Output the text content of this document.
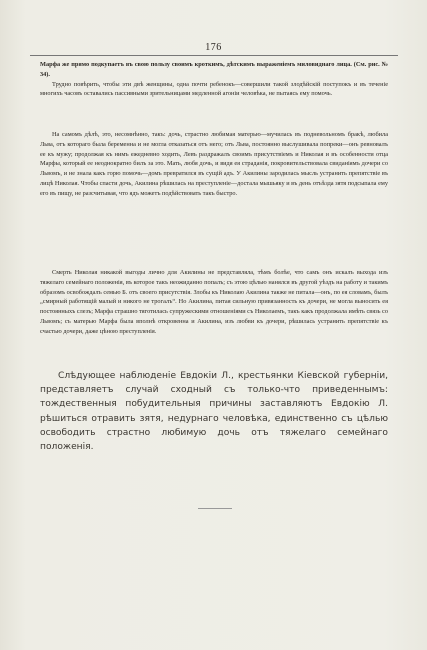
176

Марфа же прямо подкупаетъ въ свою пользу своимъ кроткимъ, дѣтскимъ выраженіемъ миловиднаго лица. (См. рис. № 34).

Трудно повѣрить, чтобы эти двѣ женщины, одна почти ребенокъ—совершили такой злодѣйскій поступокъ и въ теченіе многихъ часовъ оставались пассивными зрительницами медленной агоніи человѣка, не пытаясь ему помочь.

На самомъ дѣлѣ, это, несомнѣнно, такъ: дочь, страстно любимая матерью—мучилась въ подневольномъ бракѣ, любила Льва, отъ котораго была беременна и не могла отказаться отъ него; отъ Льва, постоянно выслушивала попреки—онъ ревновалъ ее къ мужу; продолжая къ нимъ ежедневно ходить, Левъ раздражалъ своимъ присутствіемъ и Николая и въ особенности отца Марфы, который ее неоднократно билъ за это. Мать, любя дочь, и видя ея страданія, покровительствовала свиданіямъ дочери со Львомъ, и не знала какъ горю помочь—домъ превратился въ сущій адъ. У Акилины зародилась мысль устранить препятствіе въ лицѣ Николая. Чтобы спасти дочь, Акилина рѣшилась на преступленіе—достала мышьяку и въ день отъѣзда зятя подсыпала ему его въ пищу, не разсчитывая, что ядъ можетъ подѣйствовать такъ быстро.

Смерть Николая никакой выгоды лично для Акилины не представляла, тѣмъ болѣе, что самъ онъ искалъ выхода изъ тяжелаго семейнаго положенія, въ которое такъ неожиданно попалъ; съ этою цѣлью нанялся въ другой уѣздъ на работу и такимъ образомъ освобождалъ семью Б. отъ своего присутствія. Злобы къ Николаю Акилина также не питала—онъ, по ея словамъ, былъ „смирный работящій малый и никого не трогалъ“. Но Акилина, питая сильную привязанность къ дочери, не могла выносить ея постоянныхъ слезъ; Марфа страшно тяготилась супружескими отношеніями съ Николаемъ, такъ какъ продолжала имѣть связь со Львомъ; съ матерью Марфа была вполнѣ откровенна и Акилина, изъ любви къ дочери, рѣшилась устранить препятствіе къ счастью дочери, даже цѣною преступленія.

Слѣдующее наблюденіе Евдокіи Л., крестьянки Кіевской губерніи, представляетъ случай сходный съ только-что приведеннымъ: тождественныя побудительныя причины заставляютъ Евдокію Л. рѣшиться отравить зятя, недурнаго человѣка, единственно съ цѣлью освободить страстно любимую дочь отъ тяжелаго семейнаго положенія.
